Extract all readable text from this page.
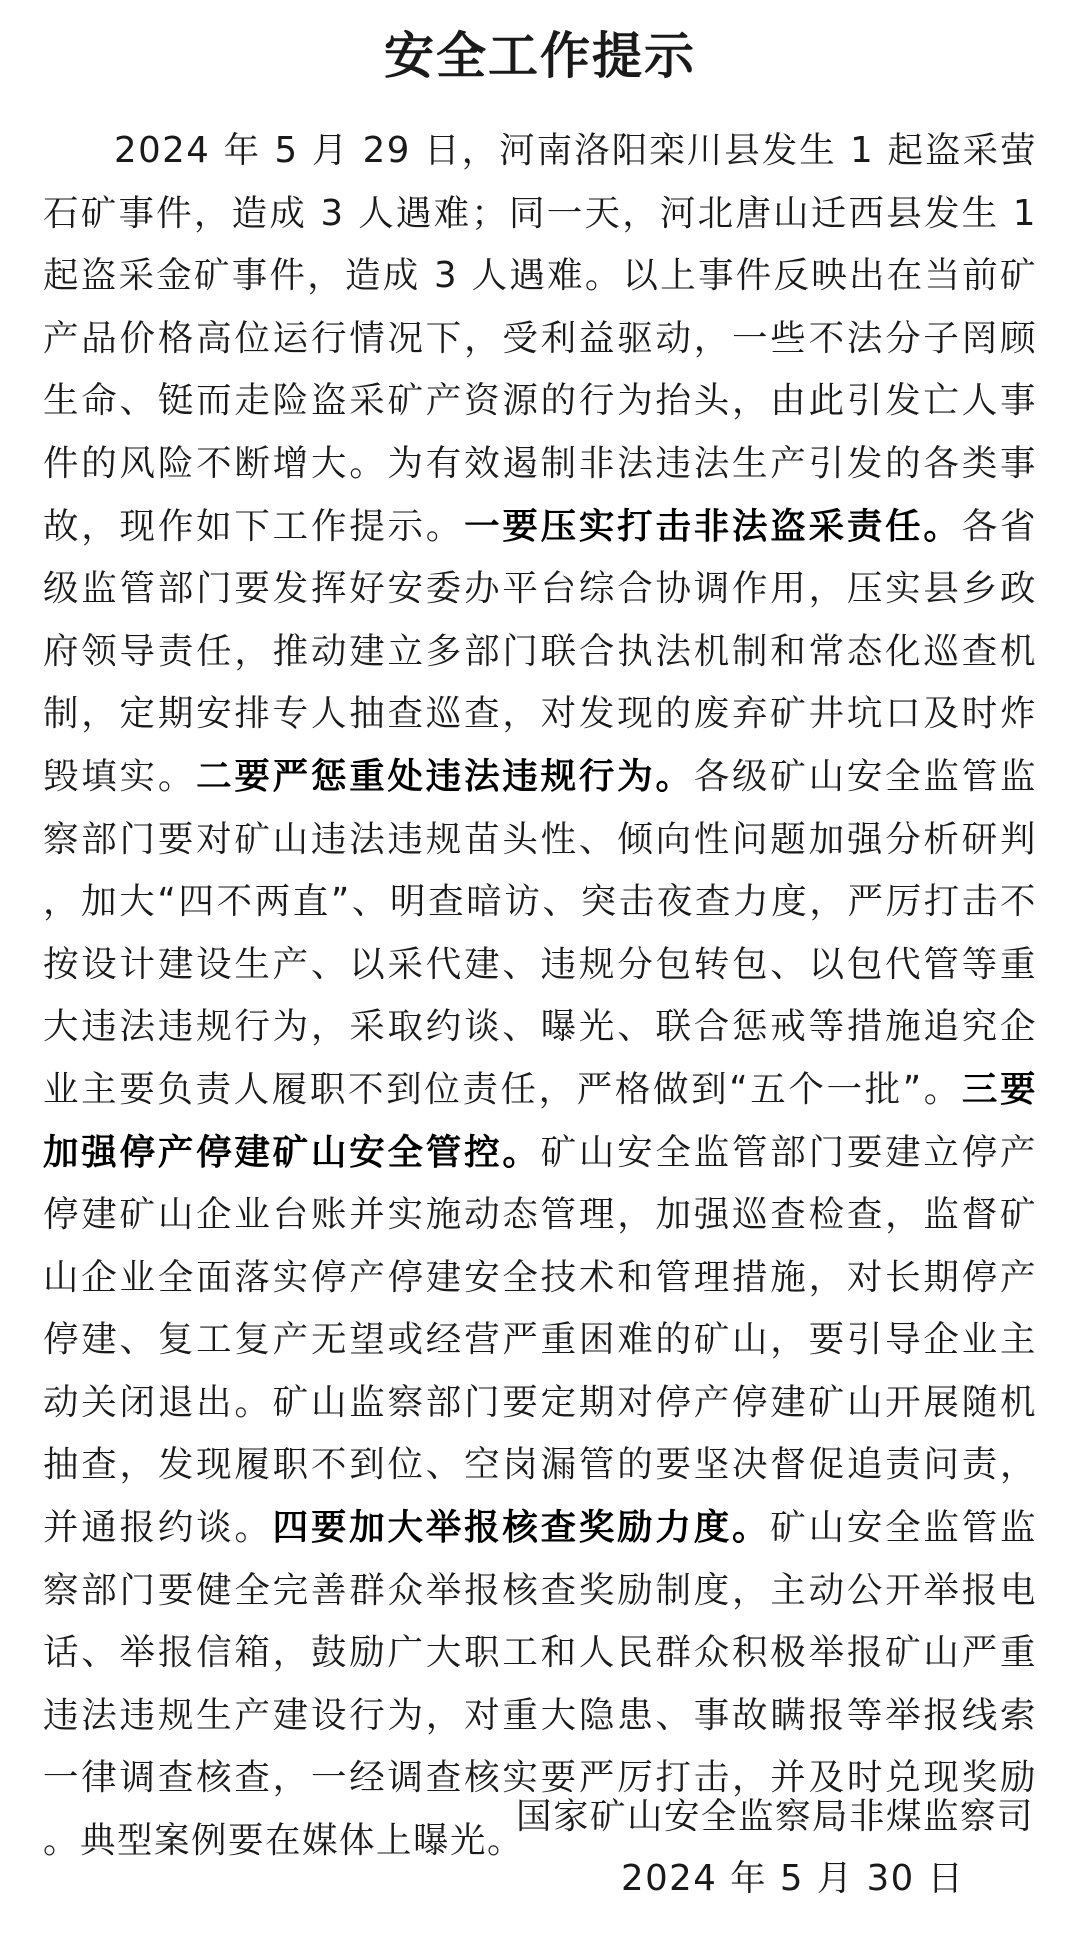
安全工作提示

2024 年 5 月 29 日，河南洛阳栾川县发生 1 起盗采萤石矿事件，造成 3 人遇难；同一天，河北唐山迁西县发生 1 起盗采金矿事件，造成 3 人遇难。以上事件反映出在当前矿产品价格高位运行情况下，受利益驱动，一些不法分子罔顾生命、铤而走险盗采矿产资源的行为抬头，由此引发亡人事件的风险不断增大。为有效遏制非法违法生产引发的各类事故，现作如下工作提示。一要压实打击非法盗采责任。各省级监管部门要发挥好安委办平台综合协调作用，压实县乡政府领导责任，推动建立多部门联合执法机制和常态化巡查机制，定期安排专人抽查巡查，对发现的废弃矿井坑口及时炸毁填实。二要严惩重处违法违规行为。各级矿山安全监管监察部门要对矿山违法违规苗头性、倾向性问题加强分析研判，加大“四不两直”、明查暗访、突击夜查力度，严厉打击不按设计建设生产、以采代建、违规分包转包、以包代管等重大违法违规行为，采取约谈、曝光、联合惩戒等措施追究企业主要负责人履职不到位责任，严格做到“五个一批”。三要加强停产停建矿山安全管控。矿山安全监管部门要建立停产停建矿山企业台账并实施动态管理，加强巡查检查，监督矿山企业全面落实停产停建安全技术和管理措施，对长期停产停建、复工复产无望或经营严重困难的矿山，要引导企业主动关闭退出。矿山监察部门要定期对停产停建矿山开展随机抽查，发现履职不到位、空岗漏管的要坚决督促追责问责，并通报约谈。四要加大举报核查奖励力度。矿山安全监管监察部门要健全完善群众举报核查奖励制度，主动公开举报电话、举报信箱，鼓励广大职工和人民群众积极举报矿山严重违法违规生产建设行为，对重大隐患、事故瞒报等举报线索一律调查核查，一经调查核实要严厉打击，并及时兑现奖励。典型案例要在媒体上曝光。

国家矿山安全监察局非煤监察司

2024 年 5 月 30 日
